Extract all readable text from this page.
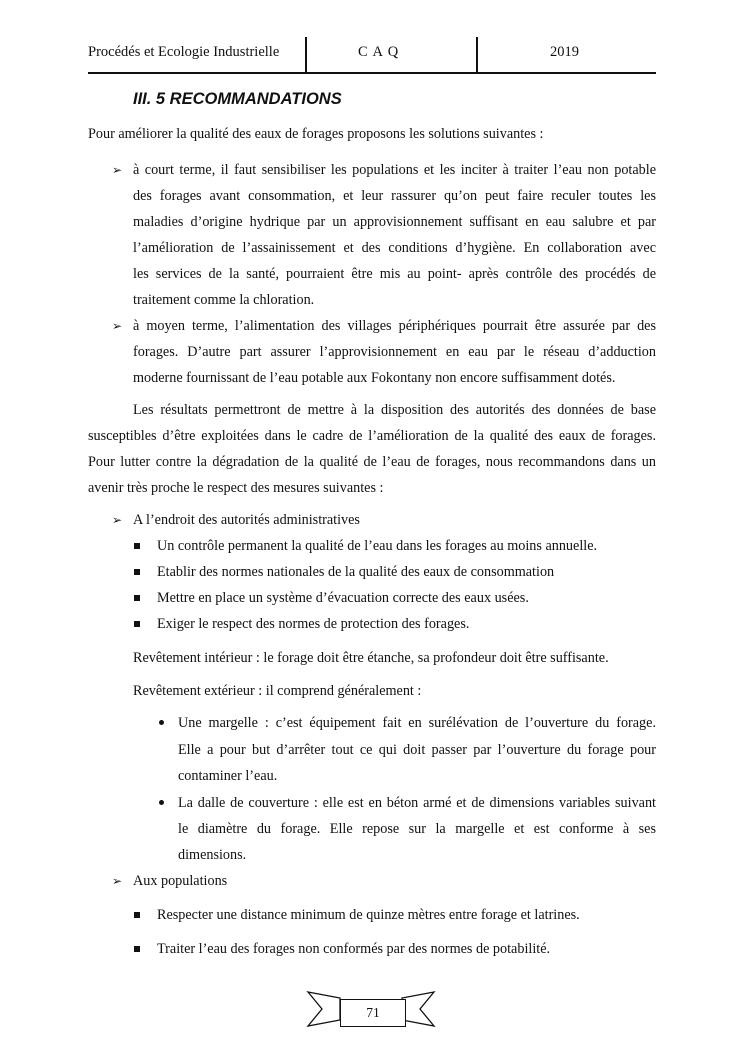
Procédés et Ecologie Industrielle	C A Q	2019
III. 5 RECOMMANDATIONS
Pour améliorer la qualité des eaux de forages proposons les solutions suivantes :
➢ à court terme, il faut sensibiliser les populations et les inciter à traiter l’eau non potable
des forages avant consommation, et leur rassurer qu’on peut faire reculer toutes les
maladies d’origine hydrique par un approvisionnement suffisant en eau salubre et par
l’amélioration de l’assainissement et des conditions d’hygiène. En collaboration avec
les services de la santé, pourraient être mis au point- après contrôle des procédés de
traitement comme la chloration.
➢ à moyen terme, l’alimentation des villages périphériques pourrait être assurée par des
forages. D’autre part assurer l’approvisionnement en eau par le réseau d’adduction
moderne fournissant de l’eau potable aux Fokontany non encore suffisamment dotés.
Les résultats permettront de mettre à la disposition des autorités des données de base
susceptibles d’être exploitées dans le cadre de l’amélioration de la qualité des eaux de forages.
Pour lutter contre la dégradation de la qualité de l’eau de forages, nous recommandons dans un
avenir très proche le respect des mesures suivantes :
➢ A l’endroit des autorités administratives
Un contrôle permanent la qualité de l’eau dans les forages au moins annuelle.
Etablir des normes nationales de la qualité des eaux de consommation
Mettre en place un système d’évacuation correcte des eaux usées.
Exiger le respect des normes de protection des forages.
Revêtement intérieur : le forage doit être étanche, sa profondeur doit être suffisante.
Revêtement extérieur : il comprend généralement :
Une margelle : c’est équipement fait en surélévation de l’ouverture du forage.
Elle a pour but d’arrêter tout ce qui doit passer par l’ouverture du forage pour
contaminer l’eau.
La dalle de couverture : elle est en béton armé et de dimensions variables suivant
le diamètre du forage. Elle repose sur la margelle et est conforme à ses
dimensions.
➢ Aux populations
Respecter une distance minimum de quinze mètres entre forage et latrines.
Traiter l’eau des forages non conformés par des normes de potabilité.
71
